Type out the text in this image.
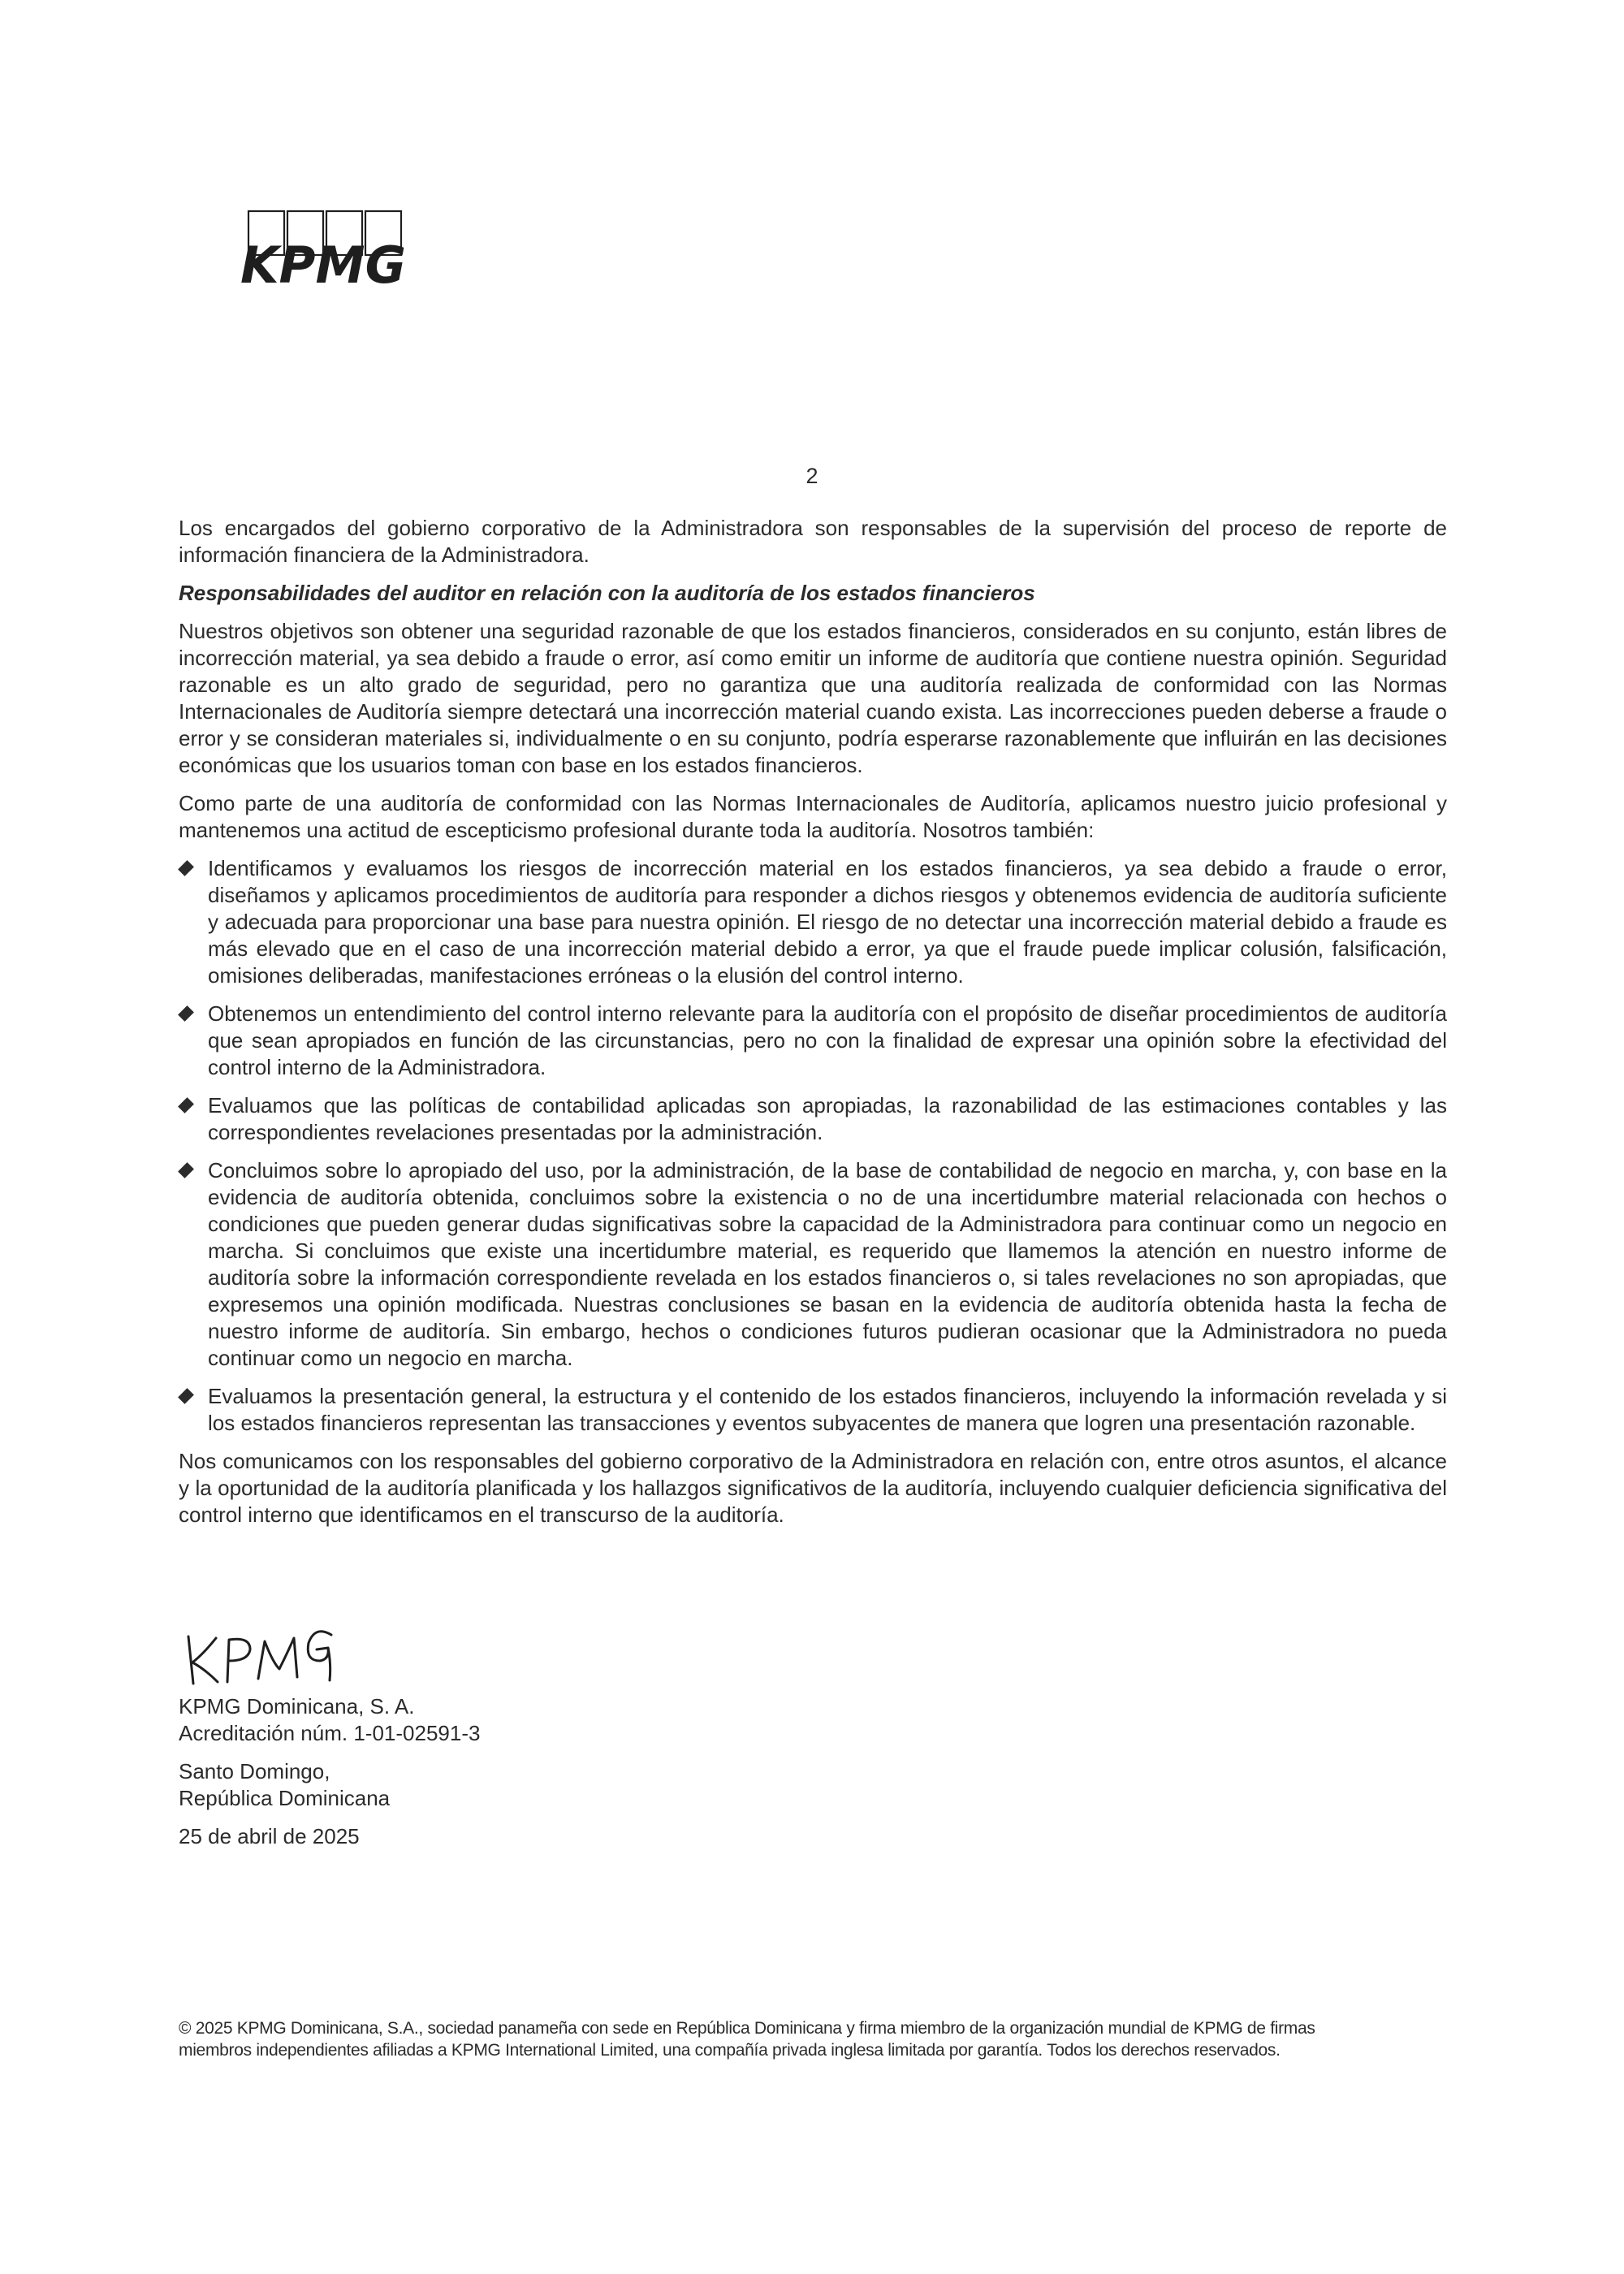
KPMG
2

Los encargados del gobierno corporativo de la Administradora son responsables de la supervisión del proceso de reporte de información financiera de la Administradora.

Responsabilidades del auditor en relación con la auditoría de los estados financieros

Nuestros objetivos son obtener una seguridad razonable de que los estados financieros, considerados en su conjunto, están libres de incorrección material, ya sea debido a fraude o error, así como emitir un informe de auditoría que contiene nuestra opinión. Seguridad razonable es un alto grado de seguridad, pero no garantiza que una auditoría realizada de conformidad con las Normas Internacionales de Auditoría siempre detectará una incorrección material cuando exista. Las incorrecciones pueden deberse a fraude o error y se consideran materiales si, individualmente o en su conjunto, podría esperarse razonablemente que influirán en las decisiones económicas que los usuarios toman con base en los estados financieros.

Como parte de una auditoría de conformidad con las Normas Internacionales de Auditoría, aplicamos nuestro juicio profesional y mantenemos una actitud de escepticismo profesional durante toda la auditoría. Nosotros también:

Identificamos y evaluamos los riesgos de incorrección material en los estados financieros, ya sea debido a fraude o error, diseñamos y aplicamos procedimientos de auditoría para responder a dichos riesgos y obtenemos evidencia de auditoría suficiente y adecuada para proporcionar una base para nuestra opinión. El riesgo de no detectar una incorrección material debido a fraude es más elevado que en el caso de una incorrección material debido a error, ya que el fraude puede implicar colusión, falsificación, omisiones deliberadas, manifestaciones erróneas o la elusión del control interno.
Obtenemos un entendimiento del control interno relevante para la auditoría con el propósito de diseñar procedimientos de auditoría que sean apropiados en función de las circunstancias, pero no con la finalidad de expresar una opinión sobre la efectividad del control interno de la Administradora.
Evaluamos que las políticas de contabilidad aplicadas son apropiadas, la razonabilidad de las estimaciones contables y las correspondientes revelaciones presentadas por la administración.
Concluimos sobre lo apropiado del uso, por la administración, de la base de contabilidad de negocio en marcha, y, con base en la evidencia de auditoría obtenida, concluimos sobre la existencia o no de una incertidumbre material relacionada con hechos o condiciones que pueden generar dudas significativas sobre la capacidad de la Administradora para continuar como un negocio en marcha. Si concluimos que existe una incertidumbre material, es requerido que llamemos la atención en nuestro informe de auditoría sobre la información correspondiente revelada en los estados financieros o, si tales revelaciones no son apropiadas, que expresemos una opinión modificada. Nuestras conclusiones se basan en la evidencia de auditoría obtenida hasta la fecha de nuestro informe de auditoría. Sin embargo, hechos o condiciones futuros pudieran ocasionar que la Administradora no pueda continuar como un negocio en marcha.
Evaluamos la presentación general, la estructura y el contenido de los estados financieros, incluyendo la información revelada y si los estados financieros representan las transacciones y eventos subyacentes de manera que logren una presentación razonable.

Nos comunicamos con los responsables del gobierno corporativo de la Administradora en relación con, entre otros asuntos, el alcance y la oportunidad de la auditoría planificada y los hallazgos significativos de la auditoría, incluyendo cualquier deficiencia significativa del control interno que identificamos en el transcurso de la auditoría.

KPMG Dominicana, S. A.
Acreditación núm. 1-01-02591-3

Santo Domingo,
República Dominicana

25 de abril de 2025

© 2025 KPMG Dominicana, S.A., sociedad panameña con sede en República Dominicana y firma miembro de la organización mundial de KPMG de firmas
miembros independientes afiliadas a KPMG International Limited, una compañía privada inglesa limitada por garantía. Todos los derechos reservados.
